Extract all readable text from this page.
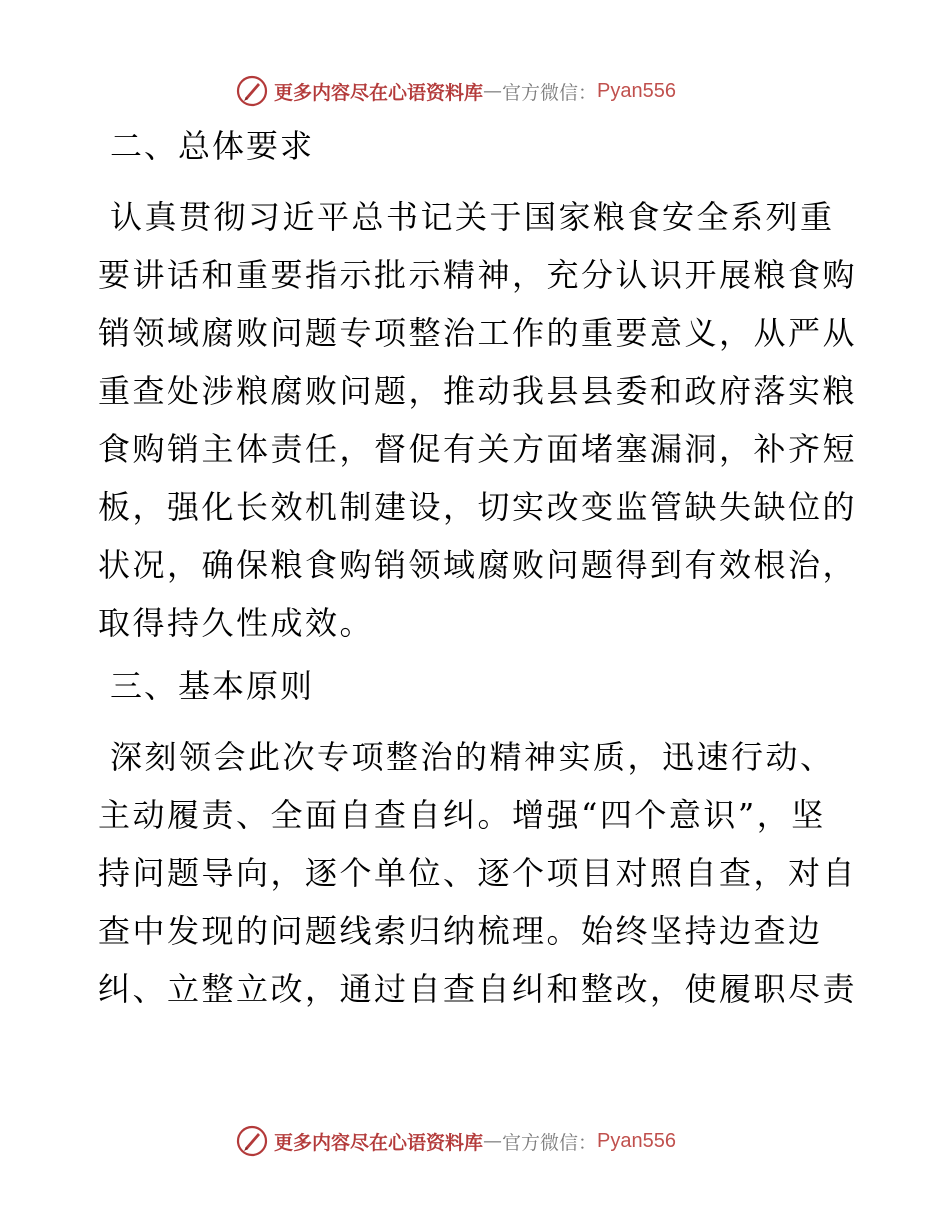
更多内容尽在心语资料库 — 官方微信： Pyan556
二、总体要求
认真贯彻习近平总书记关于国家粮食安全系列重
要讲话和重要指示批示精神，充分认识开展粮食购
销领域腐败问题专项整治工作的重要意义，从严从
重查处涉粮腐败问题，推动我县县委和政府落实粮
食购销主体责任，督促有关方面堵塞漏洞，补齐短
板，强化长效机制建设，切实改变监管缺失缺位的
状况，确保粮食购销领域腐败问题得到有效根治，
取得持久性成效。
三、基本原则
深刻领会此次专项整治的精神实质，迅速行动、
主动履责、全面自查自纠。增强“四个意识”，坚
持问题导向，逐个单位、逐个项目对照自查，对自
查中发现的问题线索归纳梳理。始终坚持边查边
纠、立整立改，通过自查自纠和整改，使履职尽责
更多内容尽在心语资料库 — 官方微信： Pyan556
